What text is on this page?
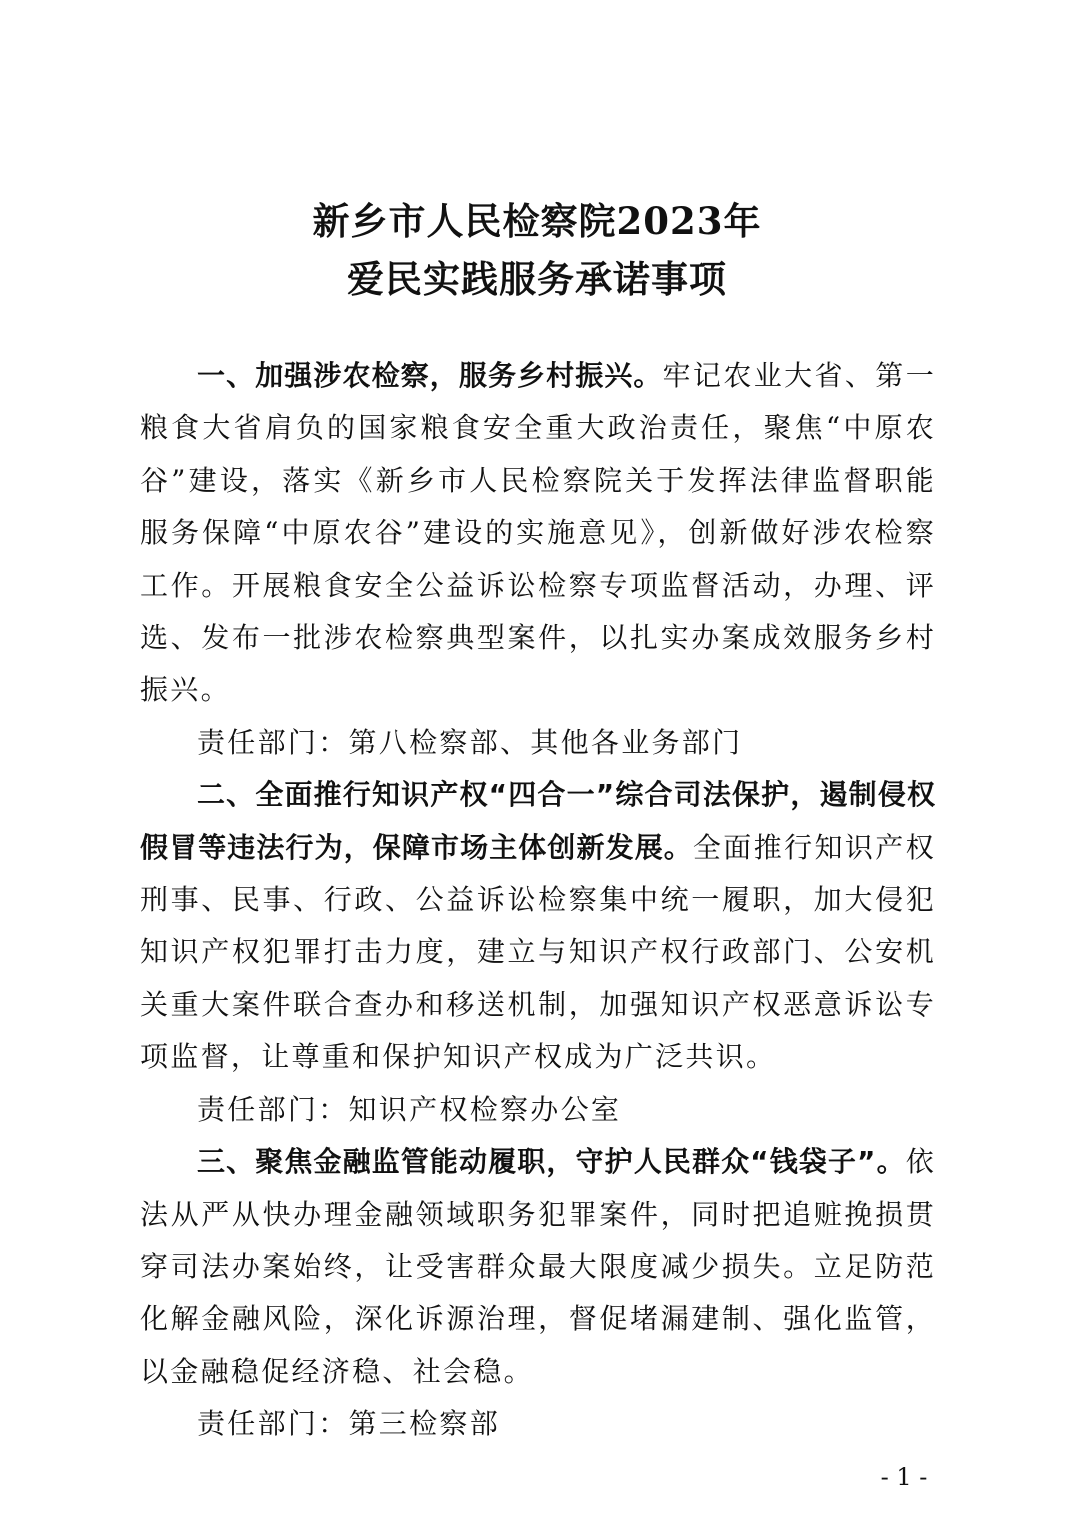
新乡市人民检察院2023年
爱民实践服务承诺事项

一、加强涉农检察，服务乡村振兴。牢记农业大省、第一粮食大省肩负的国家粮食安全重大政治责任，聚焦“中原农谷”建设，落实《新乡市人民检察院关于发挥法律监督职能服务保障“中原农谷”建设的实施意见》，创新做好涉农检察工作。开展粮食安全公益诉讼检察专项监督活动，办理、评选、发布一批涉农检察典型案件，以扎实办案成效服务乡村振兴。

责任部门：第八检察部、其他各业务部门

二、全面推行知识产权“四合一”综合司法保护，遏制侵权假冒等违法行为，保障市场主体创新发展。全面推行知识产权刑事、民事、行政、公益诉讼检察集中统一履职，加大侵犯知识产权犯罪打击力度，建立与知识产权行政部门、公安机关重大案件联合查办和移送机制，加强知识产权恶意诉讼专项监督，让尊重和保护知识产权成为广泛共识。

责任部门：知识产权检察办公室

三、聚焦金融监管能动履职，守护人民群众“钱袋子”。依法从严从快办理金融领域职务犯罪案件，同时把追赃挽损贯穿司法办案始终，让受害群众最大限度减少损失。立足防范化解金融风险，深化诉源治理，督促堵漏建制、强化监管，以金融稳促经济稳、社会稳。

责任部门：第三检察部

- 1 -
